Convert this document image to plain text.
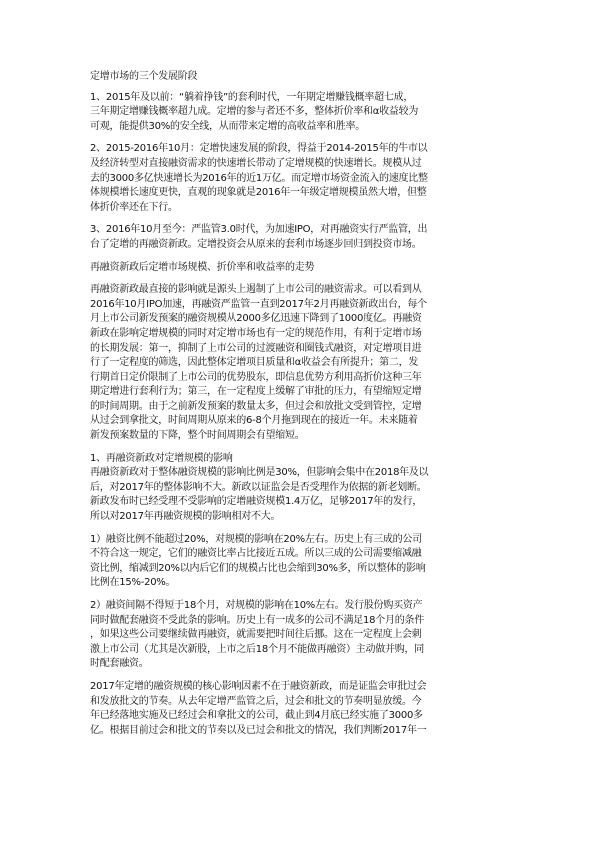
定增市场的三个发展阶段

1、2015年及以前：“躺着挣钱”的套利时代，一年期定增赚钱概率超七成，

三年期定增赚钱概率超九成。定增的参与者还不多，整体折价率和α收益较为

可观，能提供30%的安全线，从而带来定增的高收益率和胜率。

2、2015-2016年10月：定增快速发展的阶段，得益于2014-2015年的牛市以

及经济转型对直接融资需求的快速增长带动了定增规模的快速增长。规模从过

去的3000多亿快速增长为2016年的近1万亿。而定增市场资金流入的速度比整

体规模增长速度更快，直观的现象就是2016年一年级定增规模虽然大增，但整

体折价率还在下行。

3、2016年10月至今：严监管3.0时代，为加速IPO，对再融资实行严监管，出

台了定增的再融资新政。定增投资会从原来的套利市场逐步回归到投资市场。

再融资新政后定增市场规模、折价率和收益率的走势

再融资新政最直接的影响就是源头上遏制了上市公司的融资需求。可以看到从

2016年10月IPO加速，再融资严监管一直到2017年2月再融资新政出台，每个

月上市公司新发预案的融资规模从2000多亿迅速下降到了1000度亿。再融资

新政在影响定增规模的同时对定增市场也有一定的规范作用，有利于定增市场

的长期发展：第一，抑制了上市公司的过渡融资和圈钱式融资，对定增项目进

行了一定程度的筛选，因此整体定增项目质量和α收益会有所提升；第二，发

行期首日定价限制了上市公司的优势股东，即信息优势方利用高折价这种三年

期定增进行套利行为；第三，在一定程度上缓解了审批的压力，有望缩短定增

的时间周期。由于之前新发预案的数量太多，但过会和放批文受到管控，定增

从过会到拿批文，时间周期从原来的6-8个月拖到现在的接近一年。未来随着

新发预案数量的下降，整个时间周期会有望缩短。

1、再融资新政对定增规模的影响

再融资新政对于整体融资规模的影响比例是30%，但影响会集中在2018年及以

后，对2017年的整体影响不大。新政以证监会是否受理作为依据的新老划断。

新政发布时已经受理不受影响的定增融资规模1.4万亿，足够2017年的发行，

所以对2017年再融资规模的影响相对不大。

1）融资比例不能超过20%，对规模的影响在20%左右。历史上有三成的公司

不符合这一规定，它们的融资比率占比接近五成。所以三成的公司需要缩减融

资比例，缩减到20%以内后它们的规模占比也会缩到30%多，所以整体的影响

比例在15%-20%。

2）融资间隔不得短于18个月，对规模的影响在10%左右。发行股份购买资产

同时做配套融资不受此条的影响。历史上有一成多的公司不满足18个月的条件

，如果这些公司要继续做再融资，就需要把时间往后挪。这在一定程度上会刺

激上市公司（尤其是次新股，上市之后18个月不能做再融资）主动做并购，同

时配套融资。

2017年定增的融资规模的核心影响因素不在于融资新政，而是证监会审批过会

和发放批文的节奏。从去年定增严监管之后，过会和批文的节奏明显放缓。今

年已经落地实施及已经过会和拿批文的公司，截止到4月底已经实施了3000多

亿。根据目前过会和批文的节奏以及已过会和批文的情况，我们判断2017年一
